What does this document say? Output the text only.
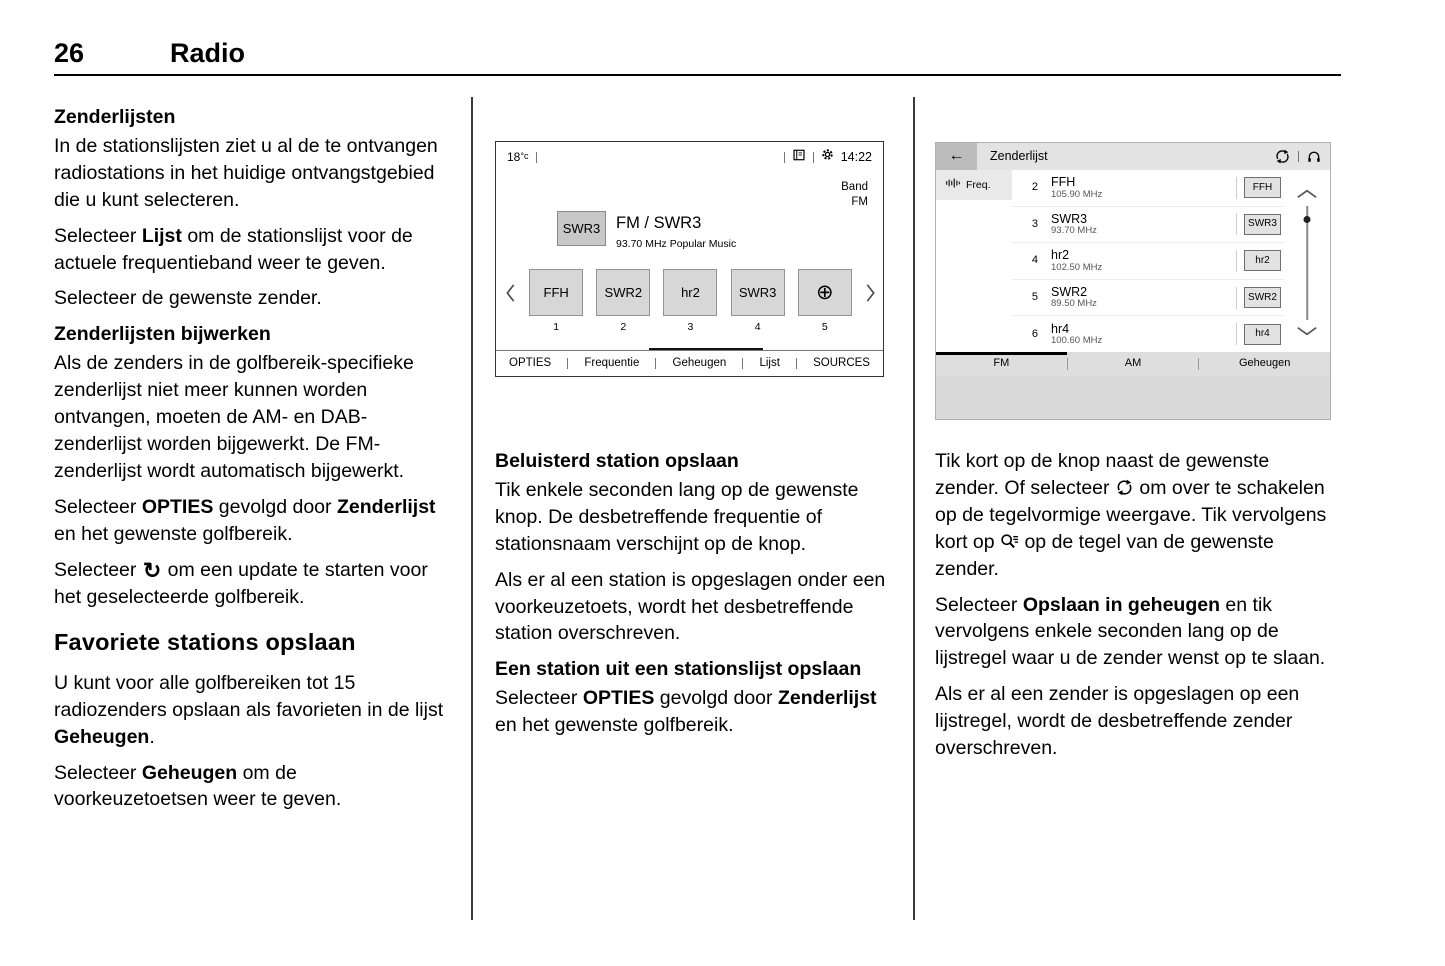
26	Radio
Zenderlijsten

In de stationslijsten ziet u al de te ontvangen radiostations in het huidige ontvangstgebied die u kunt selecteren.

Selecteer Lijst om de stationslijst voor de actuele frequentieband weer te geven.

Selecteer de gewenste zender.

Zenderlijsten bijwerken

Als de zenders in de golfbereik-specifieke zenderlijst niet meer kunnen worden ontvangen, moeten de AM- en DAB-zenderlijst worden bijgewerkt. De FM-zenderlijst wordt automatisch bijgewerkt.

Selecteer OPTIES gevolgd door Zenderlijst en het gewenste golfbereik.

Selecteer ↻ om een update te starten voor het geselecteerde golfbereik.

Favoriete stations opslaan

U kunt voor alle golfbereiken tot 15 radiozenders opslaan als favorieten in de lijst Geheugen.

Selecteer Geheugen om de voorkeuzetoetsen weer te geven.

18°c	14:22
Band
FM
SWR3 FM / SWR3
93.70 MHz Popular Music
FFH
1
SWR2
2
hr2
3
SWR3
4
⊕
5
OPTIES	Frequentie	Geheugen	Lijst	SOURCES
Beluisterd station opslaan

Tik enkele seconden lang op de gewenste knop. De desbetreffende frequentie of stationsnaam verschijnt op de knop.

Als er al een station is opgeslagen onder een voorkeuzetoets, wordt het desbetreffende station overschreven.

Een station uit een stationslijst opslaan

Selecteer OPTIES gevolgd door Zenderlijst en het gewenste golfbereik.

← Zenderlijst
Freq.	2 FFH
105.90 MHz
FFH
3 SWR3
93.70 MHz
SWR3
4 hr2
102.50 MHz
hr2
5 SWR2
89.50 MHz
SWR2
6 hr4
100.60 MHz
hr4
FM	AM	Geheugen

Tik kort op de knop naast de gewenste zender. Of selecteer  om over te schakelen op de tegelvormige weergave. Tik vervolgens kort op  op de tegel van de gewenste zender.

Selecteer Opslaan in geheugen en tik vervolgens enkele seconden lang op de lijstregel waar u de zender wenst op te slaan.

Als er al een zender is opgeslagen op een lijstregel, wordt de desbetreffende zender overschreven.
